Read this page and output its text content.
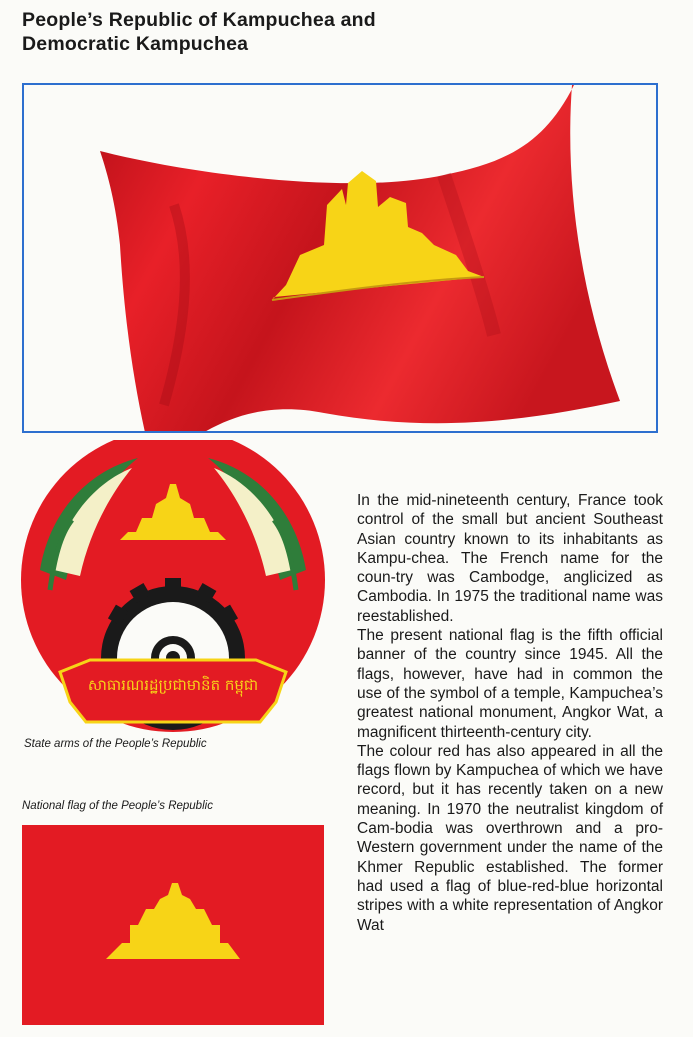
People’s Republic of Kampuchea and
Democratic Kampuchea
សាធារណរដ្ឋប្រជាមានិត កម្ពុជា
State arms of the People’s Republic
National flag of the People’s Republic

In the mid-nineteenth century, France took control of the small but ancient Southeast Asian country known to its inhabitants as Kampu-chea. The French name for the coun-try was Cambodge, anglicized as Cambodia. In 1975 the traditional name was reestablished.

The present national flag is the fifth official banner of the country since 1945. All the flags, however, have had in common the use of the symbol of a temple, Kampuchea’s greatest national monument, Angkor Wat, a magnificent thirteenth-century city.

The colour red has also appeared in all the flags flown by Kampuchea of which we have record, but it has recently taken on a new meaning. In 1970 the neutralist kingdom of Cam-bodia was overthrown and a pro-Western government under the name of the Khmer Republic established. The former had used a flag of blue-red-blue horizontal stripes with a white representation of Angkor Wat
